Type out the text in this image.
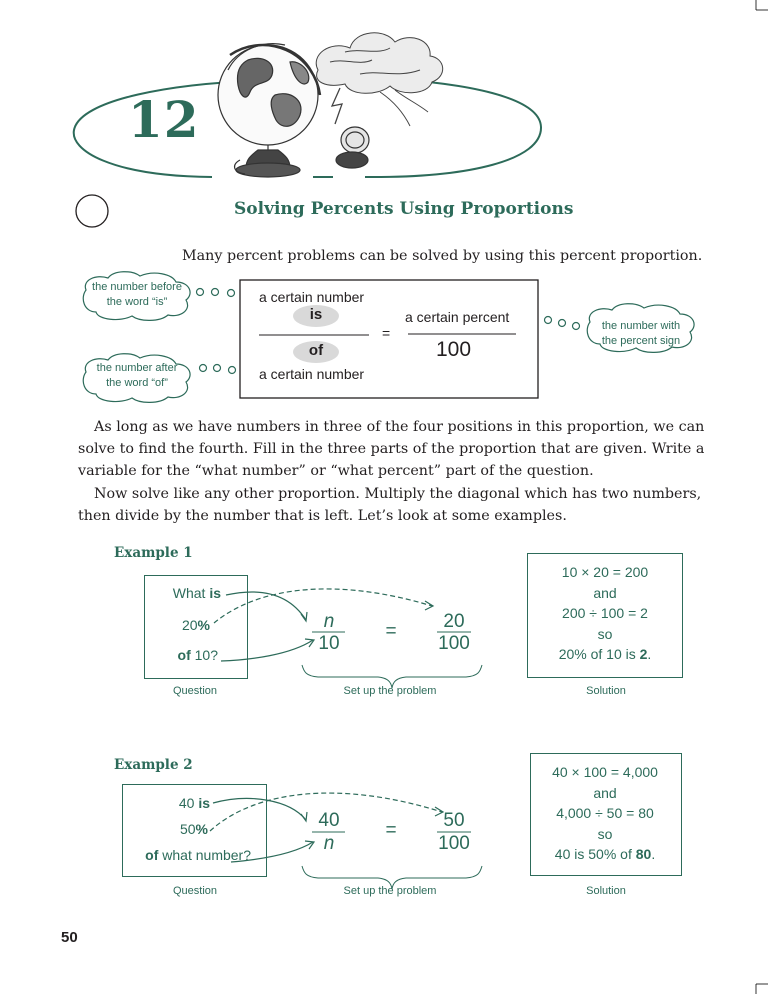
12
Solving Percents Using Proportions
Many percent problems can be solved by using this percent proportion.
the number before
the word “is”
the number after
the word “of”
the number with
the percent sign
a certain number
is
of
a certain number
=
a certain percent
100
As long as we have numbers in three of the four positions in this proportion, we can solve to find the fourth. Fill in the three parts of the proportion that are given. Write a variable for the “what number” or “what percent” part of the question.
Now solve like any other proportion. Multiply the diagonal which has two numbers, then divide by the number that is left. Let’s look at some examples.
Example 1
What is
20%
of 10?
n
10
=	20
100
10 × 20 = 200
and
200 ÷ 100 = 2
so
20% of 10 is 2.
Question	Set up the problem	Solution
Example 2
40 is
50%
of what number?
40
n
=	50
100
40 × 100 = 4,000
and
4,000 ÷ 50 = 80
so
40 is 50% of 80.
Question	Set up the problem	Solution
50
